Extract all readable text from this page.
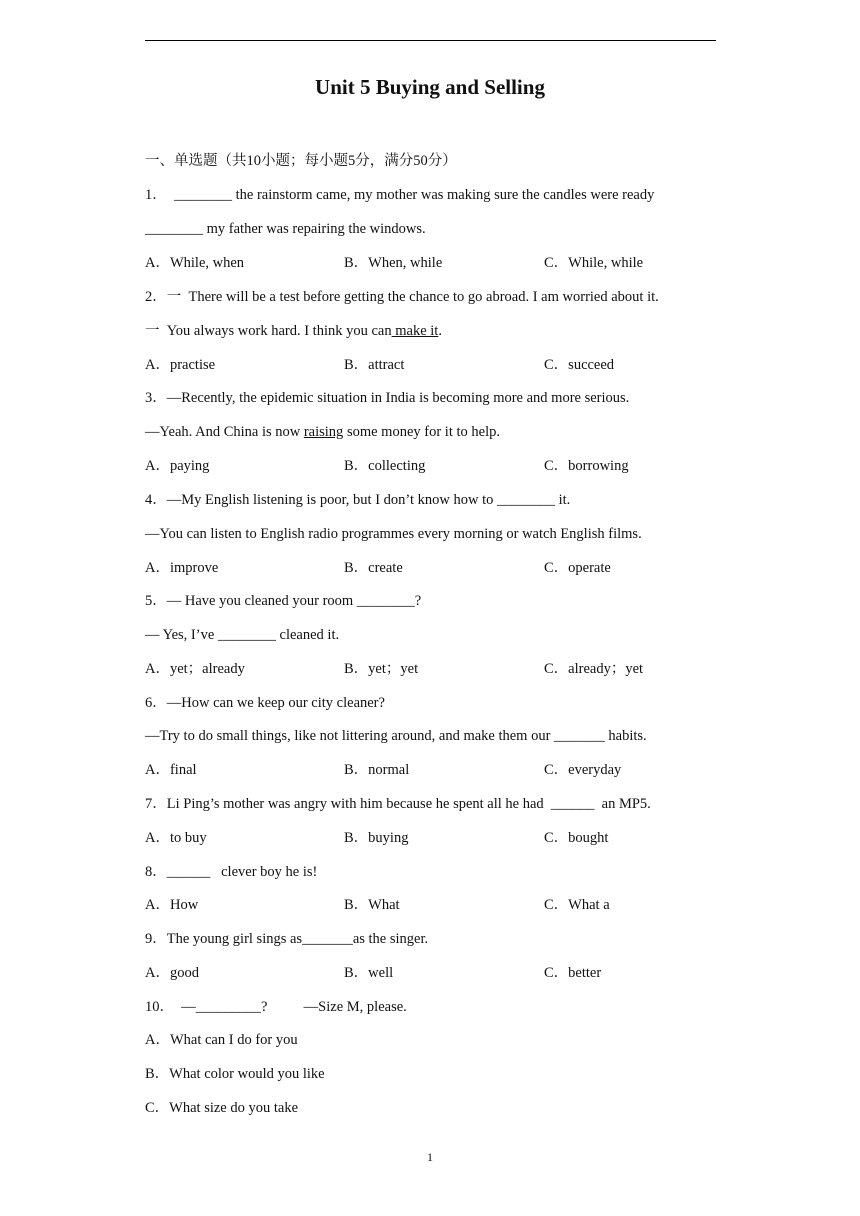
Unit 5 Buying and Selling
一、单选题（共10小题；每小题5分，满分50分）
1．  ________ the rainstorm came, my mother was making sure the candles were ready
________ my father was repairing the windows.
A．While, when	B．When, while	C．While, while
2．一  There will be a test before getting the chance to go abroad. I am worried about it.
一  You always work hard. I think you can make it.
A．practise	B．attract	C．succeed
3．—Recently, the epidemic situation in India is becoming more and more serious.
—Yeah. And China is now raising some money for it to help.
A．paying	B．collecting	C．borrowing
4．—My English listening is poor, but I don’t know how to ________ it.
—You can listen to English radio programmes every morning or watch English films.
A．improve	B．create	C．operate
5．— Have you cleaned your room ________?
— Yes, I’ve ________ cleaned it.
A．yet；already	B．yet；yet	C．already；yet
6．—How can we keep our city cleaner?
—Try to do small things, like not littering around, and make them our _______ habits.
A．final	B．normal	C．everyday
7．Li Ping’s mother was angry with him because he spent all he had  ______  an MP5.
A．to buy	B．buying	C．bought
8．______   clever boy he is!
A．How	B．What	C．What a
9．The young girl sings as_______as the singer.
A．good	B．well	C．better
10．  —_________?          —Size M, please.
A．What can I do for you
B．What color would you like
C．What size do you take
1
